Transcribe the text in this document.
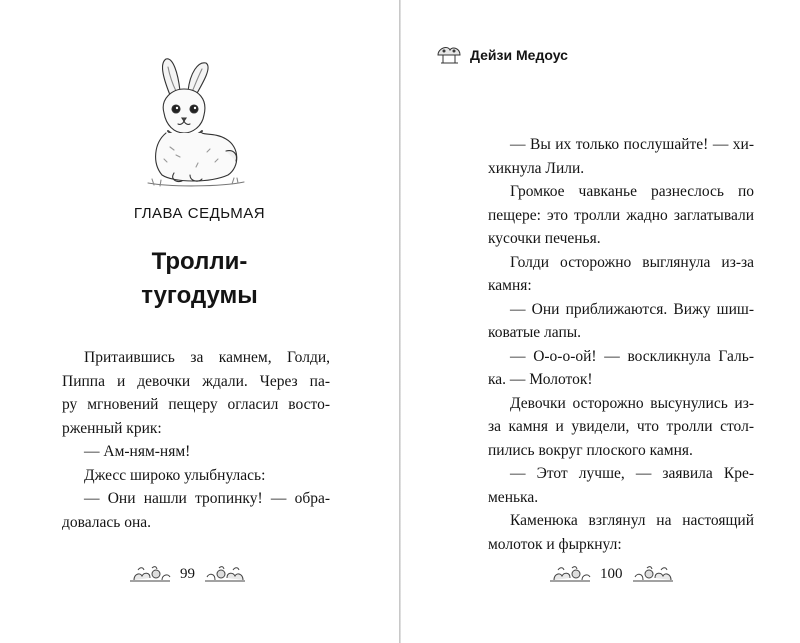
ГЛАВА СЕДЬМАЯ
Тролли-
тугодумы
Притаившись за камнем, Голди,
Пиппа и девочки ждали. Через па-
ру мгновений пещеру огласил восто-
рженный крик:
— Ам-ням-ням!
Джесс широко улыбнулась:
— Они нашли тропинку! — обра-
довалась она.
99
Дейзи Медоус
— Вы их только послушайте! — хи-
хикнула Лили.
Громкое чавканье разнеслось по
пещере: это тролли жадно заглатывали
кусочки печенья.
Голди осторожно выглянула из-за
камня:
— Они приближаются. Вижу шиш-
коватые лапы.
— О-о-о-ой! — воскликнула Галь-
ка. — Молоток!
Девочки осторожно высунулись из-
за камня и увидели, что тролли стол-
пились вокруг плоского камня.
— Этот лучше, — заявила Кре-
менька.
Каменюка взглянул на настоящий
молоток и фыркнул:
100
